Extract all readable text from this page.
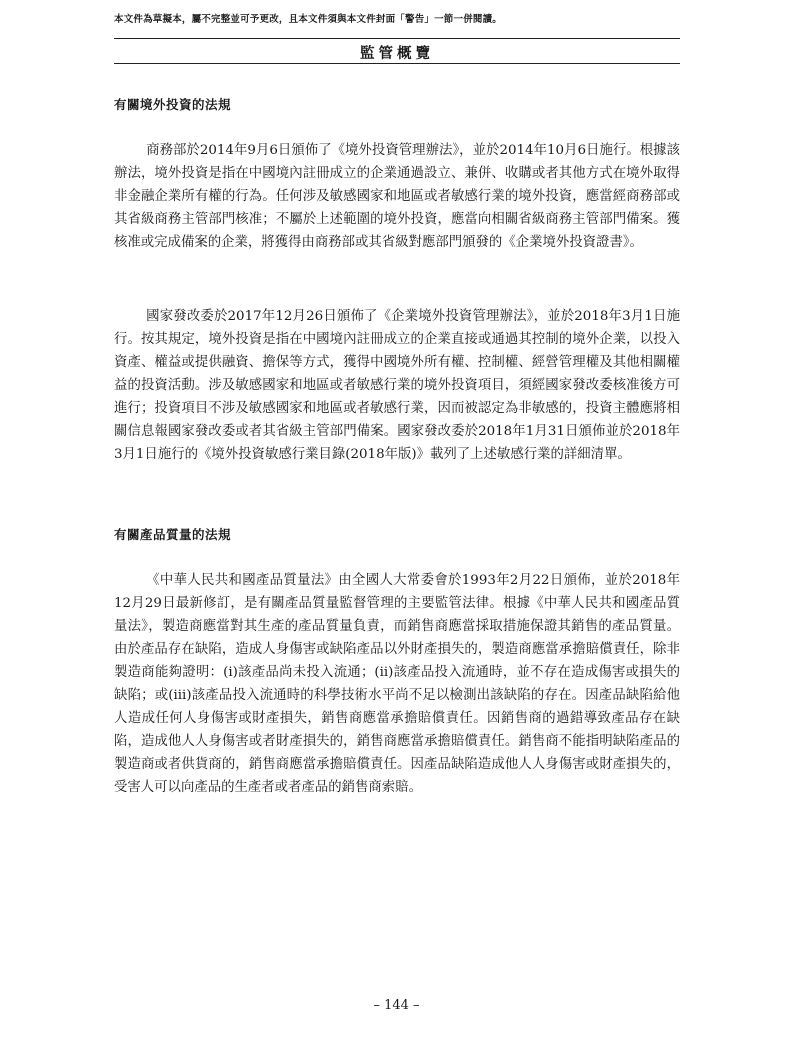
本文件為草擬本，屬不完整並可予更改，且本文件須與本文件封面「警告」一節一併閱讀。
監管概覽
有關境外投資的法規
商務部於2014年9月6日頒佈了《境外投資管理辦法》，並於2014年10月6日施行。根據該辦法，境外投資是指在中國境內註冊成立的企業通過設立、兼併、收購或者其他方式在境外取得非金融企業所有權的行為。任何涉及敏感國家和地區或者敏感行業的境外投資，應當經商務部或其省級商務主管部門核准；不屬於上述範圍的境外投資，應當向相關省級商務主管部門備案。獲核准或完成備案的企業，將獲得由商務部或其省級對應部門頒發的《企業境外投資證書》。
國家發改委於2017年12月26日頒佈了《企業境外投資管理辦法》，並於2018年3月1日施行。按其規定，境外投資是指在中國境內註冊成立的企業直接或通過其控制的境外企業，以投入資產、權益或提供融資、擔保等方式，獲得中國境外所有權、控制權、經營管理權及其他相關權益的投資活動。涉及敏感國家和地區或者敏感行業的境外投資項目，須經國家發改委核准後方可進行；投資項目不涉及敏感國家和地區或者敏感行業，因而被認定為非敏感的，投資主體應將相關信息報國家發改委或者其省級主管部門備案。國家發改委於2018年1月31日頒佈並於2018年3月1日施行的《境外投資敏感行業目錄(2018年版)》載列了上述敏感行業的詳細清單。
有關產品質量的法規
《中華人民共和國產品質量法》由全國人大常委會於1993年2月22日頒佈，並於2018年12月29日最新修訂，是有關產品質量監督管理的主要監管法律。根據《中華人民共和國產品質量法》，製造商應當對其生產的產品質量負責，而銷售商應當採取措施保證其銷售的產品質量。由於產品存在缺陷，造成人身傷害或缺陷產品以外財產損失的，製造商應當承擔賠償責任，除非製造商能夠證明：(i)該產品尚未投入流通；(ii)該產品投入流通時，並不存在造成傷害或損失的缺陷；或(iii)該產品投入流通時的科學技術水平尚不足以檢測出該缺陷的存在。因產品缺陷給他人造成任何人身傷害或財產損失，銷售商應當承擔賠償責任。因銷售商的過錯導致產品存在缺陷，造成他人人身傷害或者財產損失的，銷售商應當承擔賠償責任。銷售商不能指明缺陷產品的製造商或者供貨商的，銷售商應當承擔賠償責任。因產品缺陷造成他人人身傷害或財產損失的，受害人可以向產品的生產者或者產品的銷售商索賠。
– 144 –
